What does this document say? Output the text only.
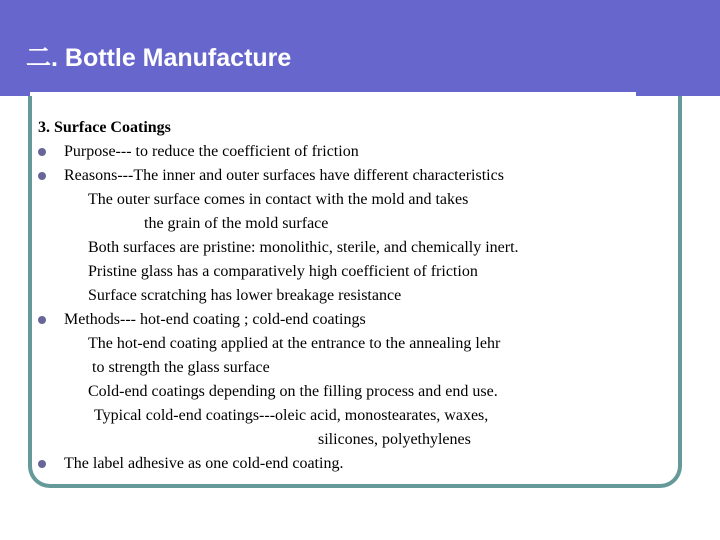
二. Bottle Manufacture
3. Surface Coatings
Purpose--- to reduce the coefficient of friction
Reasons---The inner and outer surfaces have different characteristics
The outer surface comes in contact with the mold and takes
the grain of the mold surface
Both surfaces are pristine: monolithic, sterile, and chemically inert.
Pristine glass has a comparatively high coefficient of friction
Surface scratching has lower breakage resistance
Methods--- hot-end coating ; cold-end coatings
The hot-end coating applied at the entrance to the annealing lehr
to strength the glass surface
Cold-end coatings depending on the filling process and end use.
Typical cold-end coatings---oleic acid, monostearates, waxes,
silicones, polyethylenes
The label adhesive as one cold-end coating.
